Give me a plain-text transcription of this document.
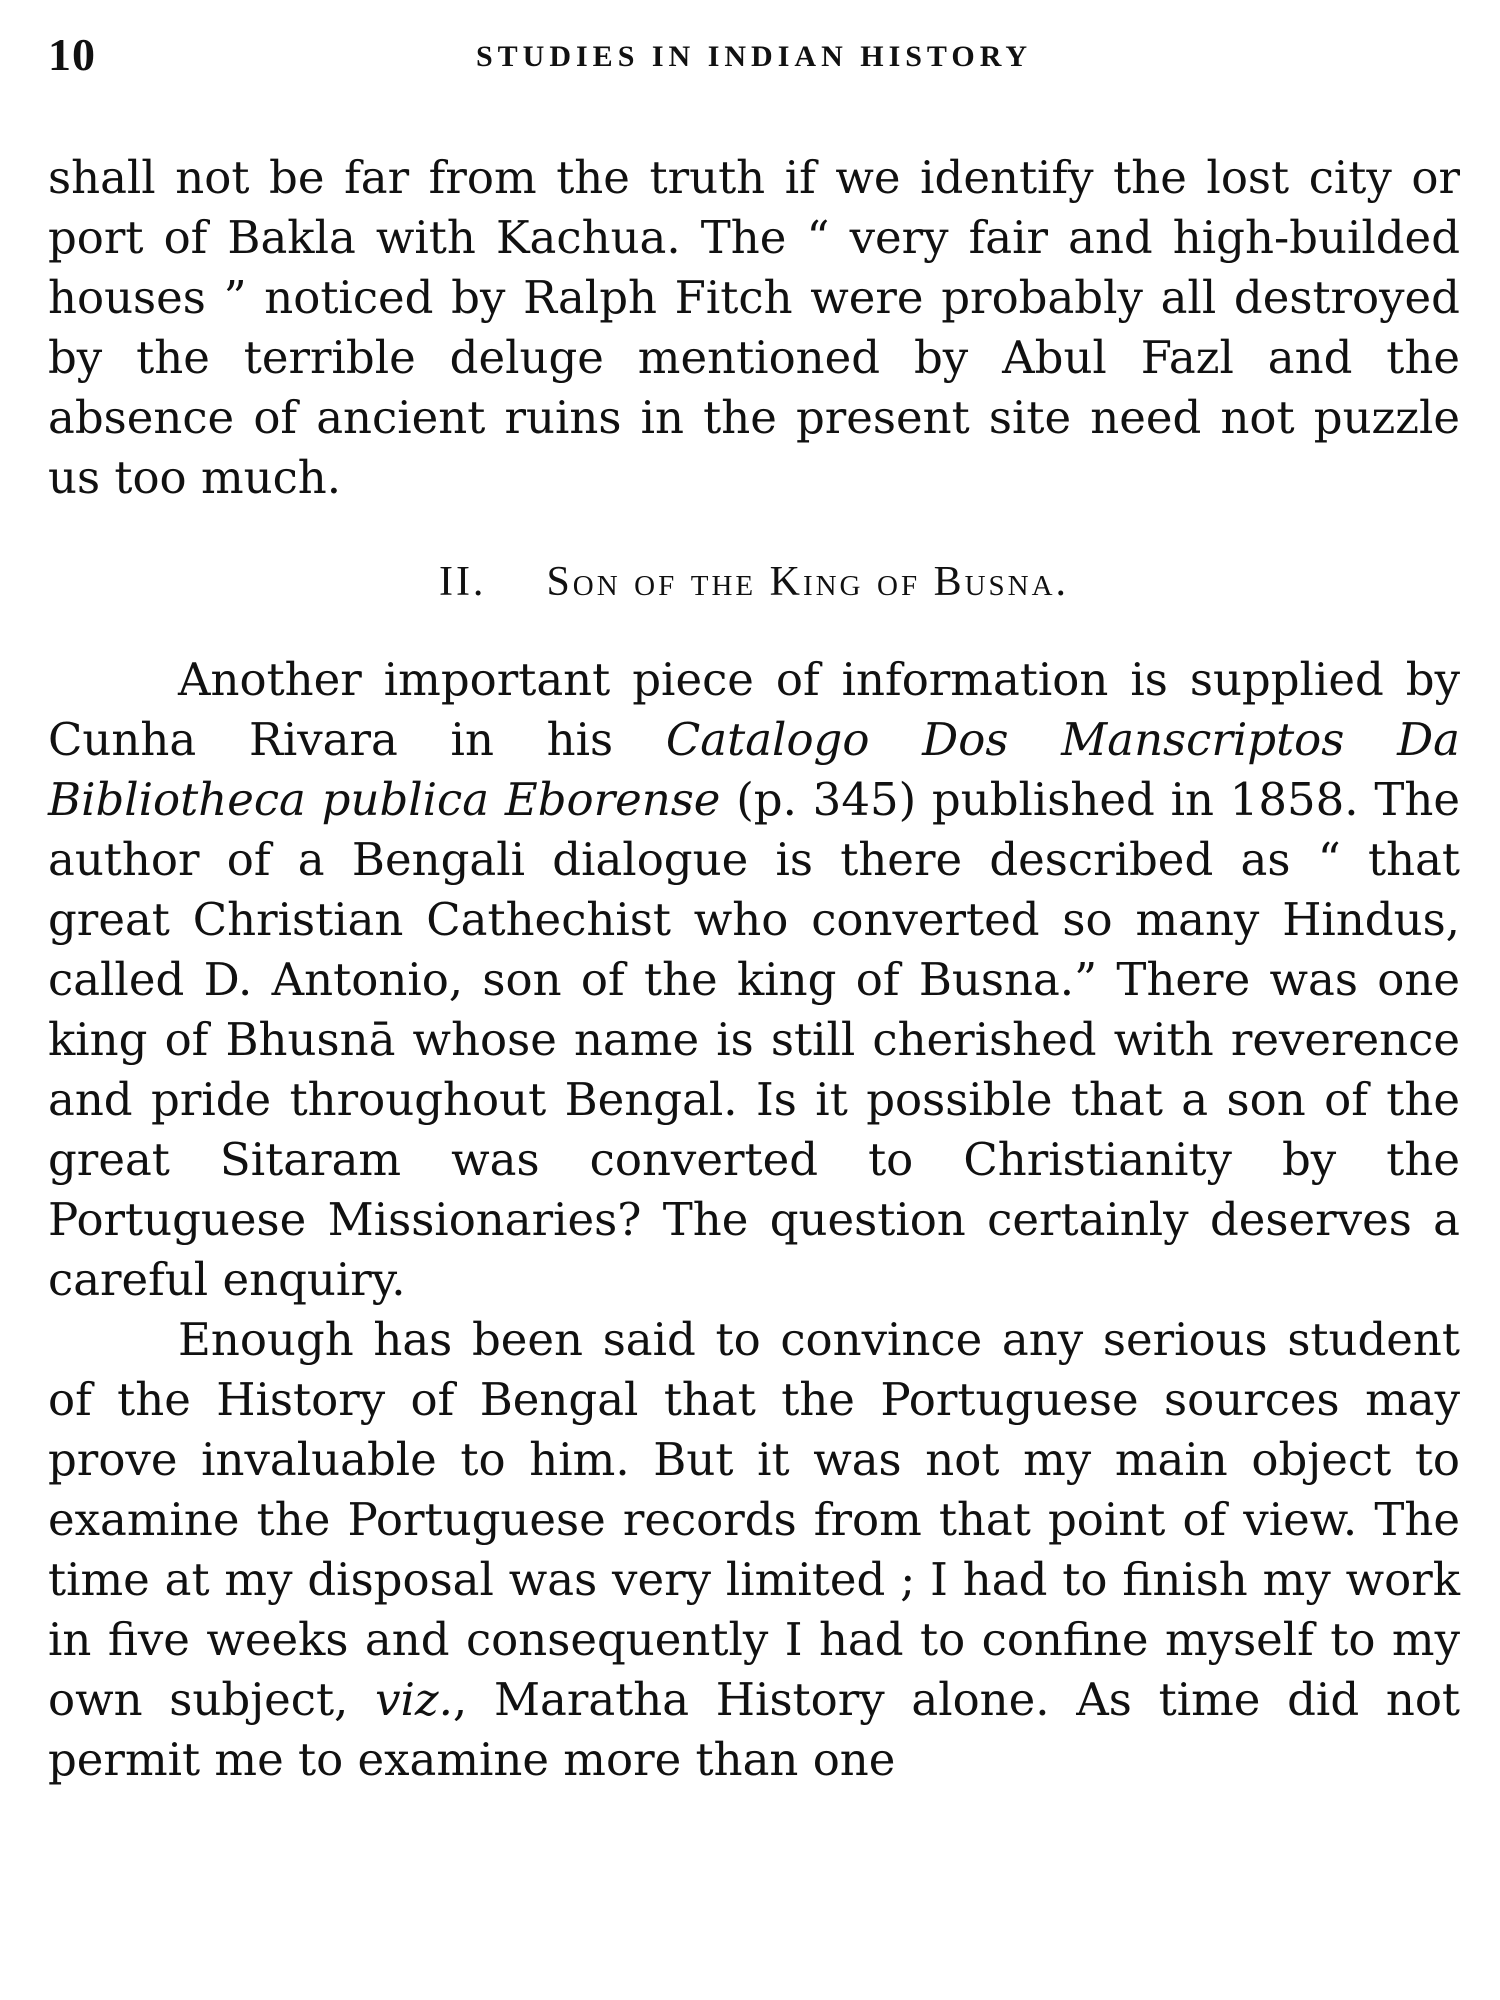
10	STUDIES IN INDIAN HISTORY

shall not be far from the truth if we identify the lost city or port of Bakla with Kachua. The “ very fair and high-builded houses ” noticed by Ralph Fitch were probably all destroyed by the terrible deluge mentioned by Abul Fazl and the absence of ancient ruins in the present site need not puzzle us too much.

II. Son of the King of Busna.

Another important piece of information is supplied by Cunha Rivara in his Catalogo Dos Manscriptos Da Bibliotheca publica Eborense (p. 345) published in 1858. The author of a Bengali dialogue is there described as “ that great Christian Cathechist who converted so many Hindus, called D. Antonio, son of the king of Busna.” There was one king of Bhusnā whose name is still cherished with reverence and pride throughout Bengal. Is it possible that a son of the great Sitaram was converted to Christianity by the Portuguese Missionaries? The question certainly deserves a careful enquiry.

Enough has been said to convince any serious student of the History of Bengal that the Portuguese sources may prove invaluable to him. But it was not my main object to examine the Portuguese records from that point of view. The time at my disposal was very limited ; I had to finish my work in five weeks and consequently I had to confine myself to my own subject, viz., Maratha History alone. As time did not permit me to examine more than one
